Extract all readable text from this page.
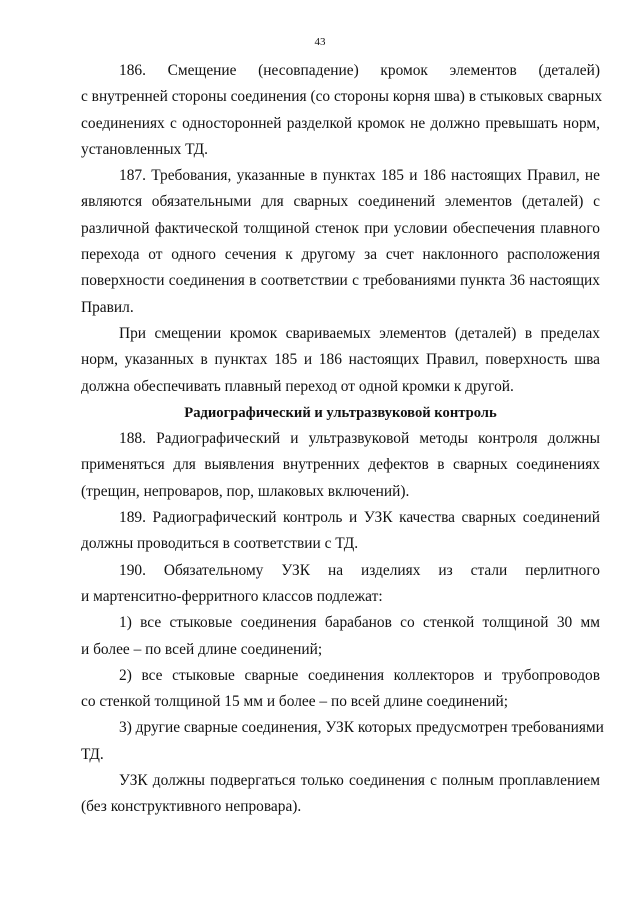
43
186. Смещение (несовпадение) кромок элементов (деталей)
с внутренней стороны соединения (со стороны корня шва) в стыковых сварных
соединениях с односторонней разделкой кромок не должно превышать норм,
установленных ТД.
187. Требования, указанные в пунктах 185 и 186 настоящих Правил, не
являются обязательными для сварных соединений элементов (деталей) с
различной фактической толщиной стенок при условии обеспечения плавного
перехода от одного сечения к другому за счет наклонного расположения
поверхности соединения в соответствии с требованиями пункта 36 настоящих
Правил.
При смещении кромок свариваемых элементов (деталей) в пределах
норм, указанных в пунктах 185 и 186 настоящих Правил, поверхность шва
должна обеспечивать плавный переход от одной кромки к другой.

Радиографический и ультразвуковой контроль

188. Радиографический и ультразвуковой методы контроля должны
применяться для выявления внутренних дефектов в сварных соединениях
(трещин, непроваров, пор, шлаковых включений).
189. Радиографический контроль и УЗК качества сварных соединений
должны проводиться в соответствии с ТД.
190. Обязательному УЗК на изделиях из стали перлитного
и мартенситно-ферритного классов подлежат:
1) все стыковые соединения барабанов со стенкой толщиной 30 мм
и более – по всей длине соединений;
2) все стыковые сварные соединения коллекторов и трубопроводов
со стенкой толщиной 15 мм и более – по всей длине соединений;
3) другие сварные соединения, УЗК которых предусмотрен требованиями
ТД.
УЗК должны подвергаться только соединения с полным проплавлением
(без конструктивного непровара).
